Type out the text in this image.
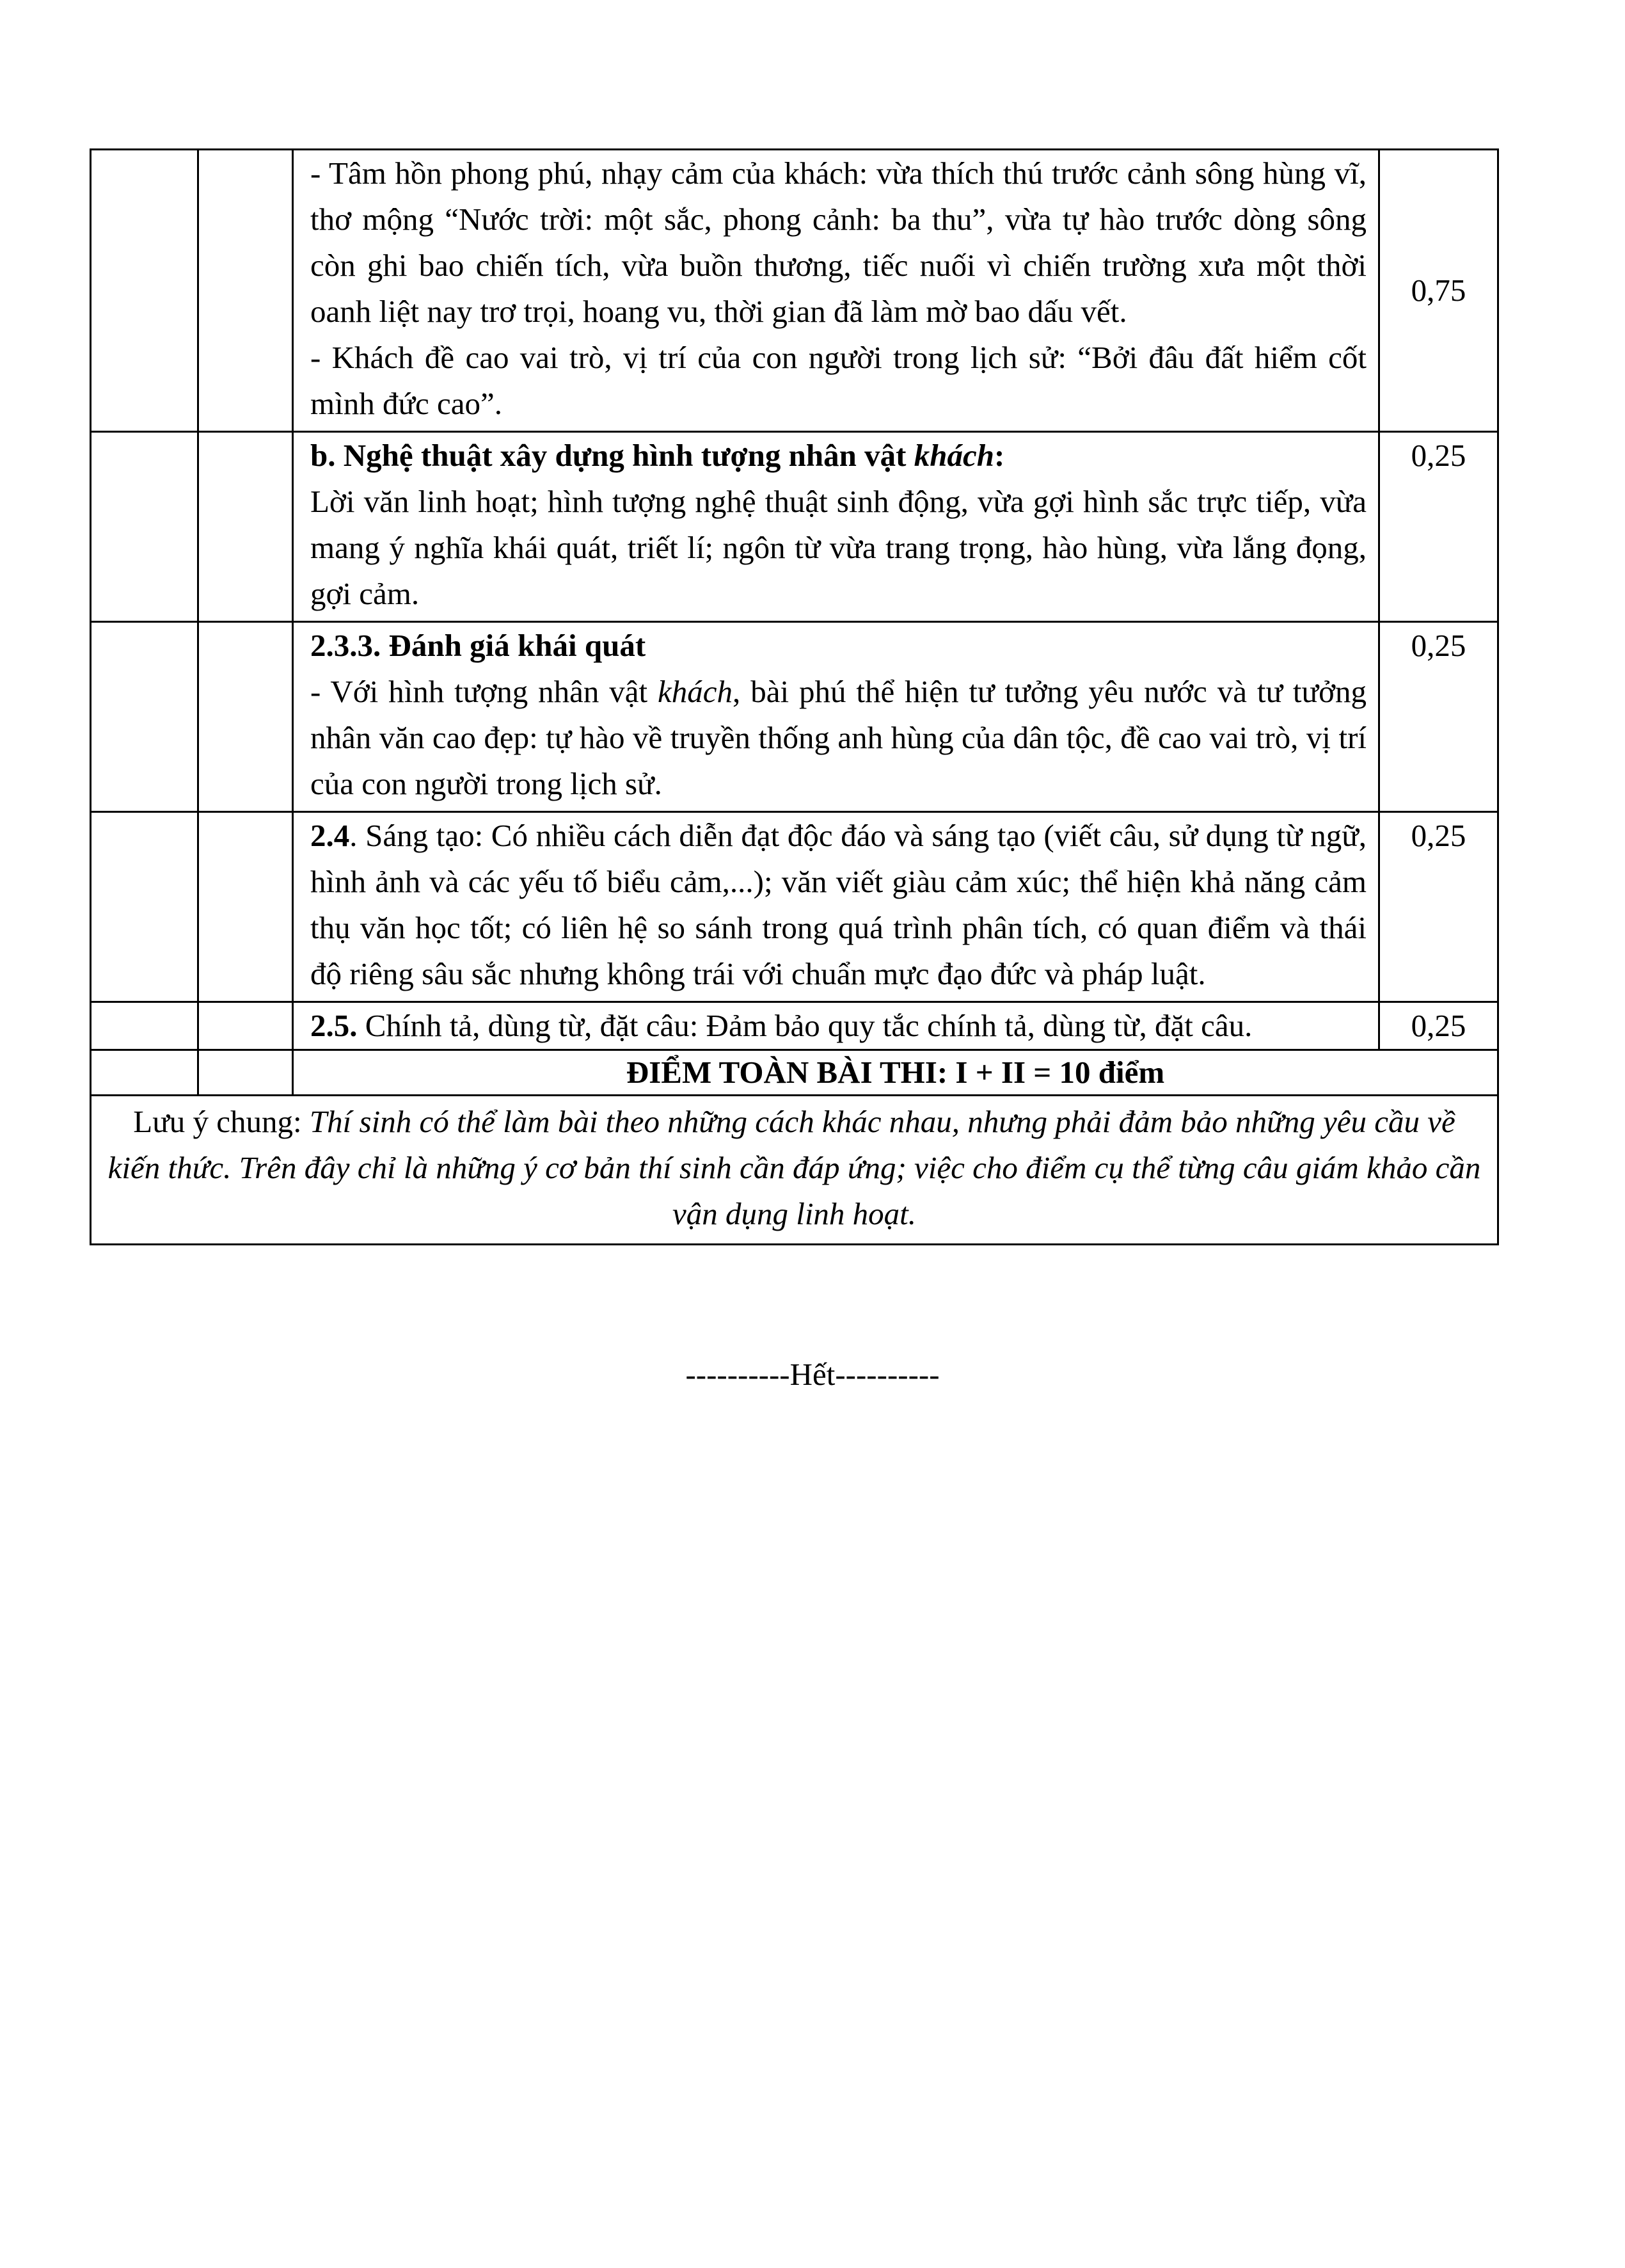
		- Tâm hồn phong phú, nhạy cảm của khách: vừa thích thú trước cảnh sông hùng vĩ, thơ mộng “Nước trời: một sắc, phong cảnh: ba thu”, vừa tự hào trước dòng sông còn ghi bao chiến tích, vừa buồn thương, tiếc nuối vì chiến trường xưa một thời oanh liệt nay trơ trọi, hoang vu, thời gian đã làm mờ bao dấu vết.

- Khách đề cao vai trò, vị trí của con người trong lịch sử: “Bởi đâu đất hiểm cốt mình đức cao”.	0,75

		b. Nghệ thuật xây dựng hình tượng nhân vật khách:

Lời văn linh hoạt; hình tượng nghệ thuật sinh động, vừa gợi hình sắc trực tiếp, vừa mang ý nghĩa khái quát, triết lí; ngôn từ vừa trang trọng, hào hùng, vừa lắng đọng, gợi cảm.	0,25

		2.3.3. Đánh giá khái quát

- Với hình tượng nhân vật khách, bài phú thể hiện tư tưởng yêu nước và tư tưởng nhân văn cao đẹp: tự hào về truyền thống anh hùng của dân tộc, đề cao vai trò, vị trí của con người trong lịch sử.	0,25

		2.4. Sáng tạo: Có nhiều cách diễn đạt độc đáo và sáng tạo (viết câu, sử dụng từ ngữ, hình ảnh và các yếu tố biểu cảm,...); văn viết giàu cảm xúc; thể hiện khả năng cảm thụ văn học tốt; có liên hệ so sánh trong quá trình phân tích, có quan điểm và thái độ riêng sâu sắc nhưng không trái với chuẩn mực đạo đức và pháp luật.	0,25

		2.5. Chính tả, dùng từ, đặt câu: Đảm bảo quy tắc chính tả, dùng từ, đặt câu.	0,25

		ĐIỂM TOÀN BÀI THI: I + II = 10 điểm	

Lưu ý chung: Thí sinh có thể làm bài theo những cách khác nhau, nhưng phải đảm bảo những yêu cầu về kiến thức. Trên đây chỉ là những ý cơ bản thí sinh cần đáp ứng; việc cho điểm cụ thể từng câu giám khảo cần vận dụng linh hoạt.			
----------Hết----------
